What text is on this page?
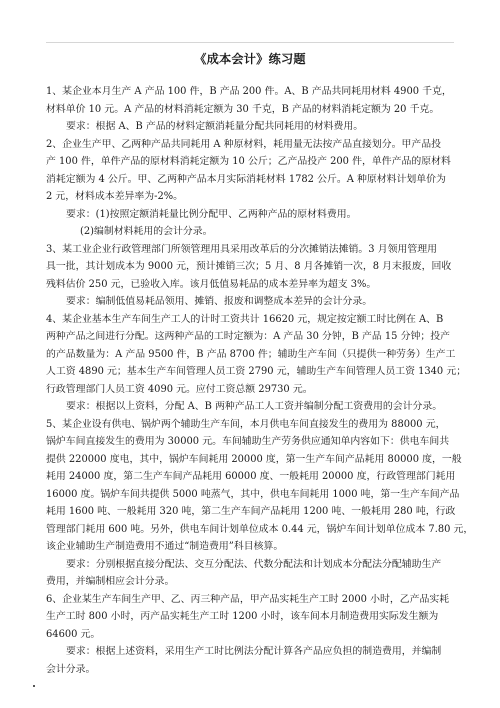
《成本会计》练习题
1、某企业本月生产 A 产品 100 件，B 产品 200 件。A、B 产品共同耗用材料 4900 千克，
材料单价 10 元。A 产品的材料消耗定额为 30 千克，B 产品的材料消耗定额为 20 千克。
要求：根据 A、B 产品的材料定额消耗量分配共同耗用的材料费用。
2、企业生产甲、乙两种产品共同耗用 A 种原材料，耗用量无法按产品直接划分。甲产品投
产 100 件，单件产品的原材料消耗定额为 10 公斤；乙产品投产 200 件，单件产品的原材料
消耗定额为 4 公斤。甲、乙两种产品本月实际消耗材料 1782 公斤。A 种原材料计划单价为
2 元，材料成本差异率为-2%。
要求：(1)按照定额消耗量比例分配甲、乙两种产品的原材料费用。
(2)编制材料耗用的会计分录。
3、某工业企业行政管理部门所领管理用具采用改革后的分次摊销法摊销。3 月领用管理用
具一批，其计划成本为 9000 元，预计摊销三次；5 月、8 月各摊销一次，8 月末报废，回收
残料估价 250 元，已验收入库。该月低值易耗品的成本差异率为超支 3%。
要求：编制低值易耗品领用、摊销、报废和调整成本差异的会计分录。
4、某企业基本生产车间生产工人的计时工资共计 16620 元，规定按定额工时比例在 A、B
两种产品之间进行分配。这两种产品的工时定额为：A 产品 30 分钟，B 产品 15 分钟；投产
的产品数量为：A 产品 9500 件，B 产品 8700 件；辅助生产车间（只提供一种劳务）生产工
人工资 4890 元；基本生产车间管理人员工资 2790 元，辅助生产车间管理人员工资 1340 元；
行政管理部门人员工资 4090 元。应付工资总额 29730 元。
要求：根据以上资料，分配 A、B 两种产品工人工资并编制分配工资费用的会计分录。
5、某企业设有供电、锅炉两个辅助生产车间，本月供电车间直接发生的费用为 88000 元，
锅炉车间直接发生的费用为 30000 元。车间辅助生产劳务供应通知单内容如下：供电车间共
提供 220000 度电，其中，锅炉车间耗用 20000 度，第一生产车间产品耗用 80000 度，一般
耗用 24000 度，第二生产车间产品耗用 60000 度、一般耗用 20000 度，行政管理部门耗用
16000 度。锅炉车间共提供 5000 吨蒸气，其中，供电车间耗用 1000 吨，第一生产车间产品
耗用 1600 吨、一般耗用 320 吨，第二生产车间产品耗用 1200 吨、一般耗用 280 吨，行政
管理部门耗用 600 吨。另外，供电车间计划单位成本 0.44 元，锅炉车间计划单位成本 7.80 元，
该企业辅助生产制造费用不通过“制造费用”科目核算。
要求：分别根据直接分配法、交互分配法、代数分配法和计划成本分配法分配辅助生产
费用，并编制相应会计分录。
6、企业某生产车间生产甲、乙、丙三种产品，甲产品实耗生产工时 2000 小时，乙产品实耗
生产工时 800 小时，丙产品实耗生产工时 1200 小时，该车间本月制造费用实际发生额为
64600 元。
要求：根据上述资料，采用生产工时比例法分配计算各产品应负担的制造费用，并编制
会计分录。
